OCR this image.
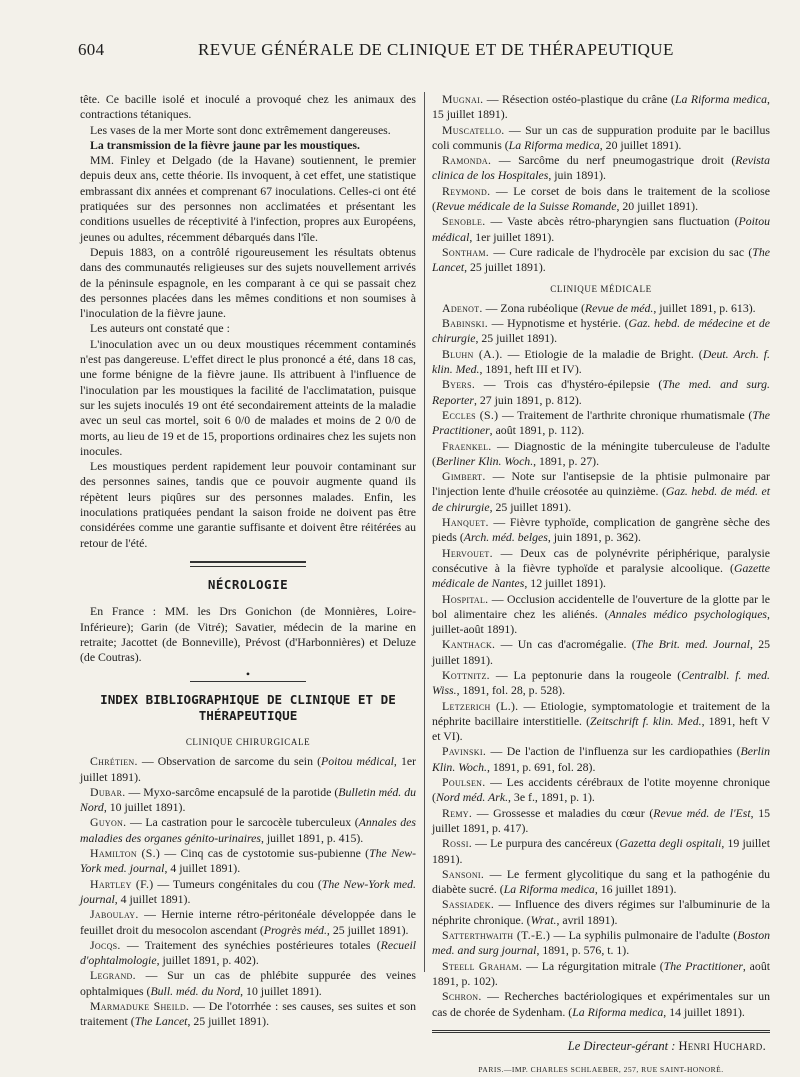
604	REVUE GÉNÉRALE DE CLINIQUE ET DE THÉRAPEUTIQUE

tête. Ce bacille isolé et inoculé a provoqué chez les animaux des contractions tétaniques.

Les vases de la mer Morte sont donc extrêmement dangereuses.

La transmission de la fièvre jaune par les moustiques.

MM. Finley et Delgado (de la Havane) soutiennent, le premier depuis deux ans, cette théorie. Ils invoquent, à cet effet, une statistique embrassant dix années et comprenant 67 inoculations. Celles-ci ont été pratiquées sur des personnes non acclimatées et présentant les conditions usuelles de réceptivité à l'infection, propres aux Européens, jeunes ou adultes, récemment débarqués dans l'île.

Depuis 1883, on a contrôlé rigoureusement les résultats obtenus dans des communautés religieuses sur des sujets nouvellement arrivés de la péninsule espagnole, en les comparant à ce qui se passait chez des personnes placées dans les mêmes conditions et non soumises à l'inoculation de la fièvre jaune.

Les auteurs ont constaté que :

L'inoculation avec un ou deux moustiques récemment contaminés n'est pas dangereuse. L'effet direct le plus prononcé a été, dans 18 cas, une forme bénigne de la fièvre jaune. Ils attribuent à l'influence de l'inoculation par les moustiques la facilité de l'acclimatation, puisque sur les sujets inoculés 19 ont été secondairement atteints de la maladie avec un seul cas mortel, soit 6 0/0 de malades et moins de 2 0/0 de morts, au lieu de 19 et de 15, proportions ordinaires chez les sujets non inocules.

Les moustiques perdent rapidement leur pouvoir contaminant sur des personnes saines, tandis que ce pouvoir augmente quand ils répètent leurs piqûres sur des personnes malades. Enfin, les inoculations pratiquées pendant la saison froide ne doivent pas être considérées comme une garantie suffisante et doivent être réitérées au retour de l'été.

NÉCROLOGIE

En France : MM. les Drs Gonichon (de Monnières, Loire-Inférieure); Garin (de Vitré); Savatier, médecin de la marine en retraite; Jacottet (de Bonneville), Prévost (d'Harbonnières) et Deluze (de Coutras).

•
INDEX BIBLIOGRAPHIQUE DE CLINIQUE ET DE THÉRAPEUTIQUE
CLINIQUE CHIRURGICALE

Chrétien. — Observation de sarcome du sein (Poitou médical, 1er juillet 1891).

Dubar. — Myxo-sarcôme encapsulé de la parotide (Bulletin méd. du Nord, 10 juillet 1891).

Guyon. — La castration pour le sarcocèle tuberculeux (Annales des maladies des organes génito-urinaires, juillet 1891, p. 415).

Hamilton (S.) — Cinq cas de cystotomie sus-pubienne (The New-York med. journal, 4 juillet 1891).

Hartley (F.) — Tumeurs congénitales du cou (The New-York med. journal, 4 juillet 1891).

Jaboulay. — Hernie interne rétro-péritonéale développée dans le feuillet droit du mesocolon ascendant (Progrès méd., 25 juillet 1891).

Jocqs. — Traitement des synéchies postérieures totales (Recueil d'ophtalmologie, juillet 1891, p. 402).

Legrand. — Sur un cas de phlébite suppurée des veines ophtalmiques (Bull. méd. du Nord, 10 juillet 1891).

Marmaduke Sheild. — De l'otorrhée : ses causes, ses suites et son traitement (The Lancet, 25 juillet 1891).

Mugnai. — Résection ostéo-plastique du crâne (La Riforma medica, 15 juillet 1891).

Muscatello. — Sur un cas de suppuration produite par le bacillus coli communis (La Riforma medica, 20 juillet 1891).

Ramonda. — Sarcôme du nerf pneumogastrique droit (Revista clinica de los Hospitales, juin 1891).

Reymond. — Le corset de bois dans le traitement de la scoliose (Revue médicale de la Suisse Romande, 20 juillet 1891).

Senoble. — Vaste abcès rétro-pharyngien sans fluctuation (Poitou médical, 1er juillet 1891).

Sontham. — Cure radicale de l'hydrocèle par excision du sac (The Lancet, 25 juillet 1891).

CLINIQUE MÉDICALE

Adenot. — Zona rubéolique (Revue de méd., juillet 1891, p. 613).

Babinski. — Hypnotisme et hystérie. (Gaz. hebd. de médecine et de chirurgie, 25 juillet 1891).

Bluhn (A.). — Etiologie de la maladie de Bright. (Deut. Arch. f. klin. Med., 1891, heft III et IV).

Byers. — Trois cas d'hystéro-épilepsie (The med. and surg. Reporter, 27 juin 1891, p. 812).

Eccles (S.) — Traitement de l'arthrite chronique rhumatismale (The Practitioner, août 1891, p. 112).

Fraenkel. — Diagnostic de la méningite tuberculeuse de l'adulte (Berliner Klin. Woch., 1891, p. 27).

Gimbert. — Note sur l'antisepsie de la phtisie pulmonaire par l'injection lente d'huile créosotée au quinzième. (Gaz. hebd. de méd. et de chirurgie, 25 juillet 1891).

Hanquet. — Fièvre typhoïde, complication de gangrène sèche des pieds (Arch. méd. belges, juin 1891, p. 362).

Hervouet. — Deux cas de polynévrite périphérique, paralysie consécutive à la fièvre typhoïde et paralysie alcoolique. (Gazette médicale de Nantes, 12 juillet 1891).

Hospital. — Occlusion accidentelle de l'ouverture de la glotte par le bol alimentaire chez les aliénés. (Annales médico psychologiques, juillet-août 1891).

Kanthack. — Un cas d'acromégalie. (The Brit. med. Journal, 25 juillet 1891).

Kottnitz. — La peptonurie dans la rougeole (Centralbl. f. med. Wiss., 1891, fol. 28, p. 528).

Letzerich (L.). — Etiologie, symptomatologie et traitement de la néphrite bacillaire interstitielle. (Zeitschrift f. klin. Med., 1891, heft V et VI).

Pavinski. — De l'action de l'influenza sur les cardiopathies (Berlin Klin. Woch., 1891, p. 691, fol. 28).

Poulsen. — Les accidents cérébraux de l'otite moyenne chronique (Nord méd. Ark., 3e f., 1891, p. 1).

Remy. — Grossesse et maladies du cœur (Revue méd. de l'Est, 15 juillet 1891, p. 417).

Rossi. — Le purpura des cancéreux (Gazetta degli ospitali, 19 juillet 1891).

Sansoni. — Le ferment glycolitique du sang et la pathogénie du diabète sucré. (La Riforma medica, 16 juillet 1891).

Sassiadek. — Influence des divers régimes sur l'albuminurie de la néphrite chronique. (Wrat., avril 1891).

Satterthwaith (T.-E.) — La syphilis pulmonaire de l'adulte (Boston med. and surg journal, 1891, p. 576, t. 1).

Steell Graham. — La régurgitation mitrale (The Practitioner, août 1891, p. 102).

Schron. — Recherches bactériologiques et expérimentales sur un cas de chorée de Sydenham. (La Riforma medica, 14 juillet 1891).

Le Directeur-gérant : Henri Huchard.
PARIS.—IMP. CHARLES SCHLAEBER, 257, RUE SAINT-HONORÉ.
